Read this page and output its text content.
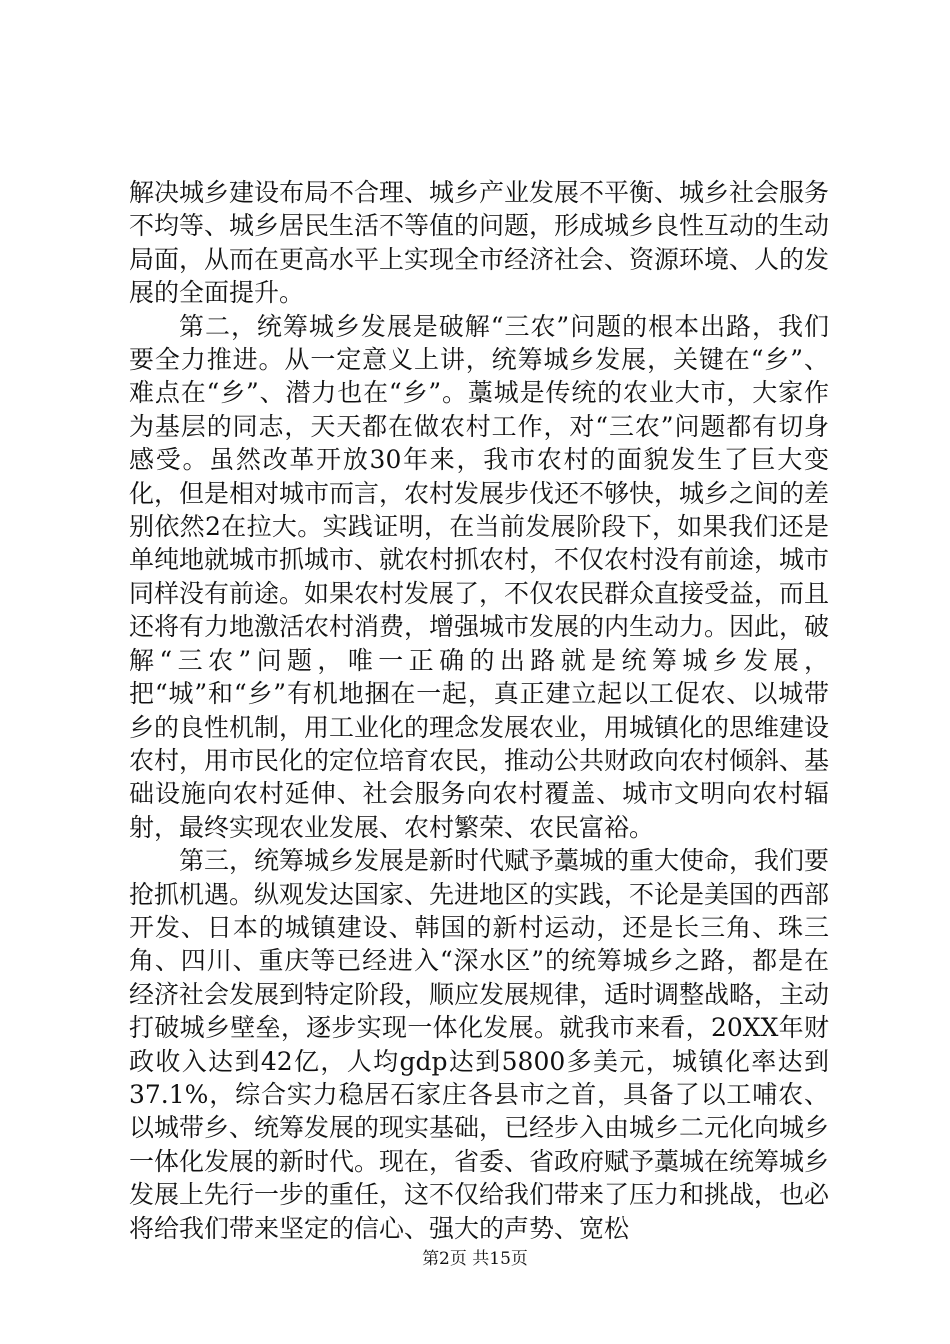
解决城乡建设布局不合理、城乡产业发展不平衡、城乡社会服务不均等、城乡居民生活不等值的问题，形成城乡良性互动的生动局面，从而在更高水平上实现全市经济社会、资源环境、人的发展的全面提升。

第二，统筹城乡发展是破解“三农”问题的根本出路，我们要全力推进。从一定意义上讲，统筹城乡发展，关键在“乡”、难点在“乡”、潜力也在“乡”。藁城是传统的农业大市，大家作为基层的同志，天天都在做农村工作，对“三农”问题都有切身感受。虽然改革开放30年来，我市农村的面貌发生了巨大变化，但是相对城市而言，农村发展步伐还不够快，城乡之间的差别依然2在拉大。实践证明，在当前发展阶段下，如果我们还是单纯地就城市抓城市、就农村抓农村，不仅农村没有前途，城市同样没有前途。如果农村发展了，不仅农民群众直接受益，而且还将有力地激活农村消费，增强城市发展的内生动力。因此，破解“三农”问题，唯一正确的出路就是统筹城乡发展，把“城”和“乡”有机地捆在一起，真正建立起以工促农、以城带乡的良性机制，用工业化的理念发展农业，用城镇化的思维建设农村，用市民化的定位培育农民，推动公共财政向农村倾斜、基础设施向农村延伸、社会服务向农村覆盖、城市文明向农村辐射，最终实现农业发展、农村繁荣、农民富裕。

第三，统筹城乡发展是新时代赋予藁城的重大使命，我们要抢抓机遇。纵观发达国家、先进地区的实践，不论是美国的西部开发、日本的城镇建设、韩国的新村运动，还是长三角、珠三角、四川、重庆等已经进入“深水区”的统筹城乡之路，都是在经济社会发展到特定阶段，顺应发展规律，适时调整战略，主动打破城乡壁垒，逐步实现一体化发展。就我市来看，20XX年财政收入达到42亿，人均gdp达到5800多美元，城镇化率达到37.1%，综合实力稳居石家庄各县市之首，具备了以工哺农、以城带乡、统筹发展的现实基础，已经步入由城乡二元化向城乡一体化发展的新时代。现在，省委、省政府赋予藁城在统筹城乡发展上先行一步的重任，这不仅给我们带来了压力和挑战，也必将给我们带来坚定的信心、强大的声势、宽松

第2页 共15页
